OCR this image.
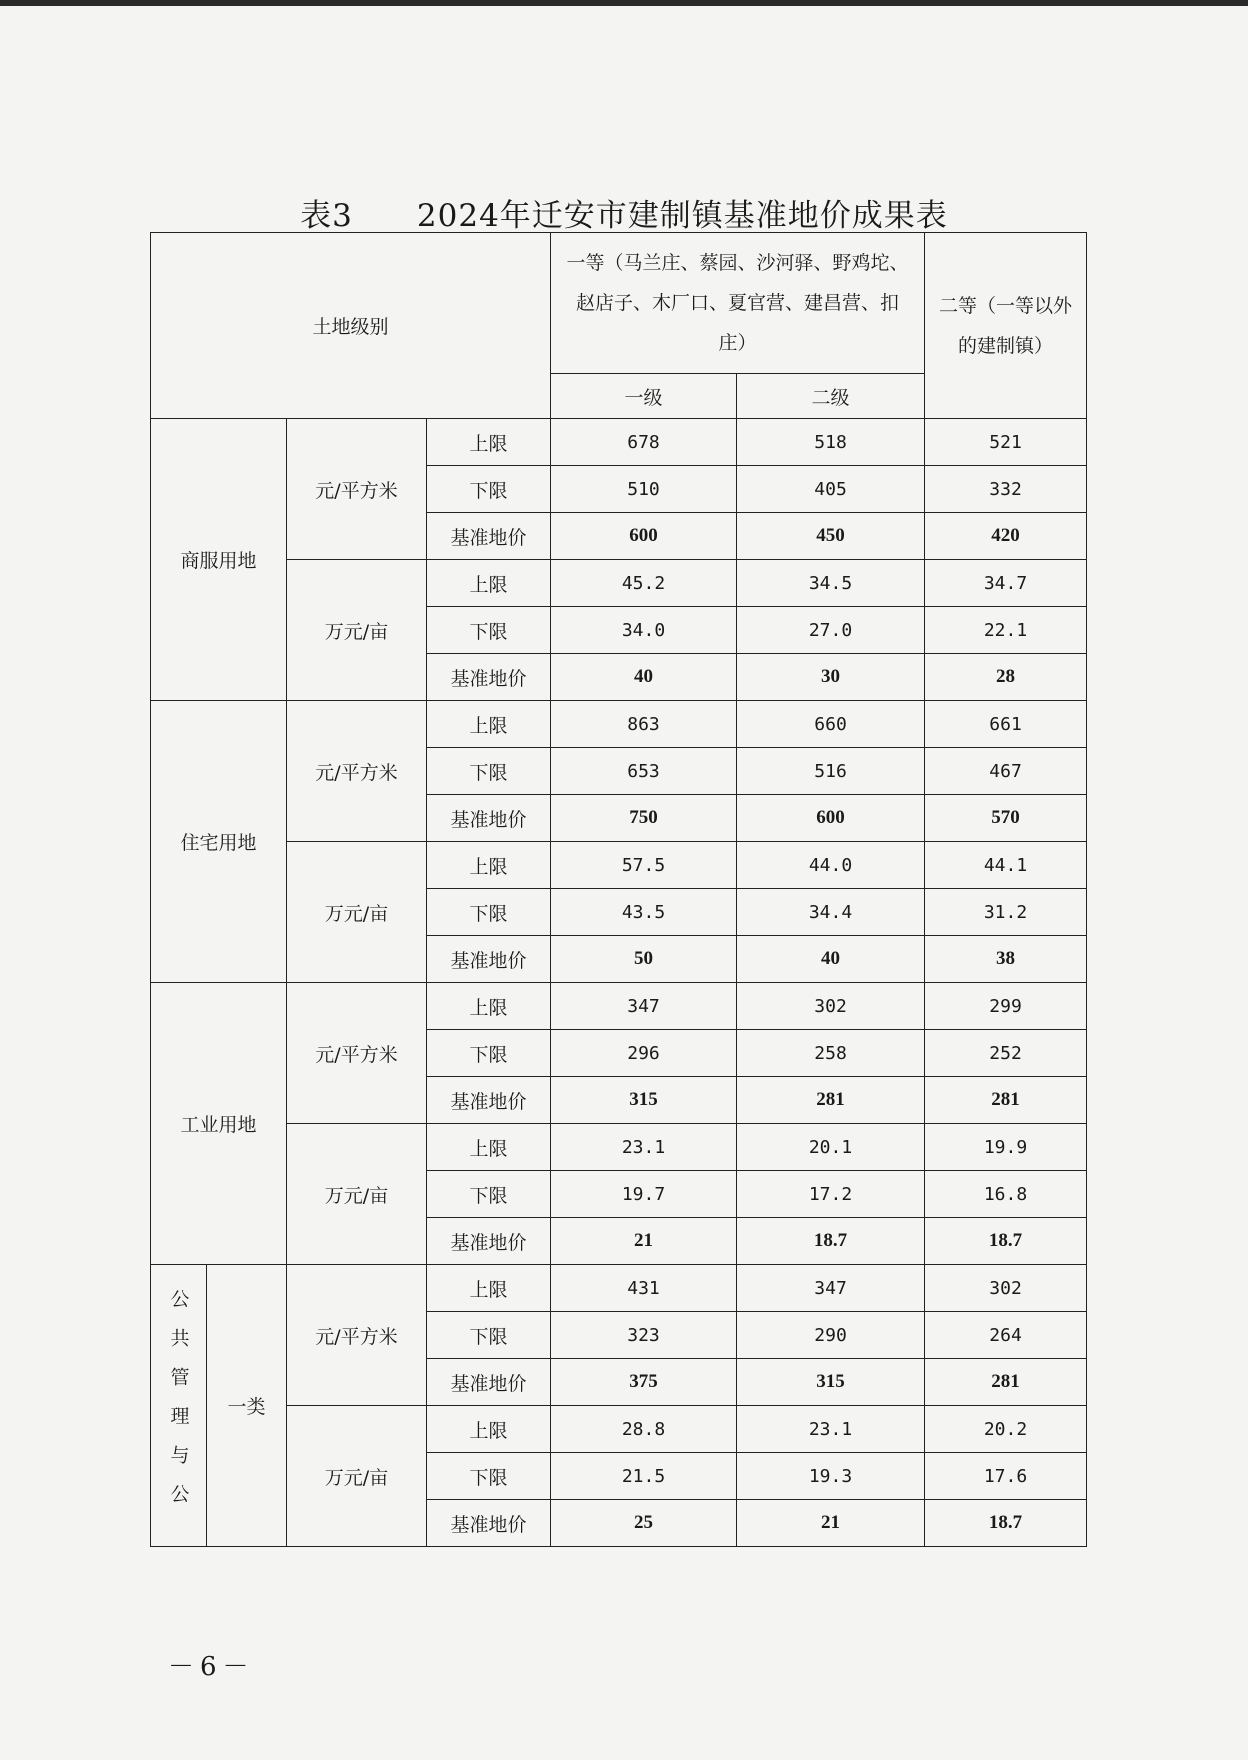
表3 2024年迁安市建制镇基准地价成果表
土地级别				一等（马兰庄、蔡园、沙河驿、野鸡坨、赵店子、木厂口、夏官营、建昌营、扣庄）		二等（一等以外的建制镇）
				一级	二级	
商服用地		元/平方米	上限	678	518	521
			下限	510	405	332
			基准地价	600	450	420
		万元/亩	上限	45.2	34.5	34.7
			下限	34.0	27.0	22.1
			基准地价	40	30	28
住宅用地		元/平方米	上限	863	660	661
			下限	653	516	467
			基准地价	750	600	570
		万元/亩	上限	57.5	44.0	44.1
			下限	43.5	34.4	31.2
			基准地价	50	40	38
工业用地		元/平方米	上限	347	302	299
			下限	296	258	252
			基准地价	315	281	281
		万元/亩	上限	23.1	20.1	19.9
			下限	19.7	17.2	16.8
			基准地价	21	18.7	18.7
公共管理与公	一类	元/平方米	上限	431	347	302
			下限	323	290	264
			基准地价	375	315	281
		万元/亩	上限	28.8	23.1	20.2
			下限	21.5	19.3	17.6
			基准地价	25	21	18.7
－6－
